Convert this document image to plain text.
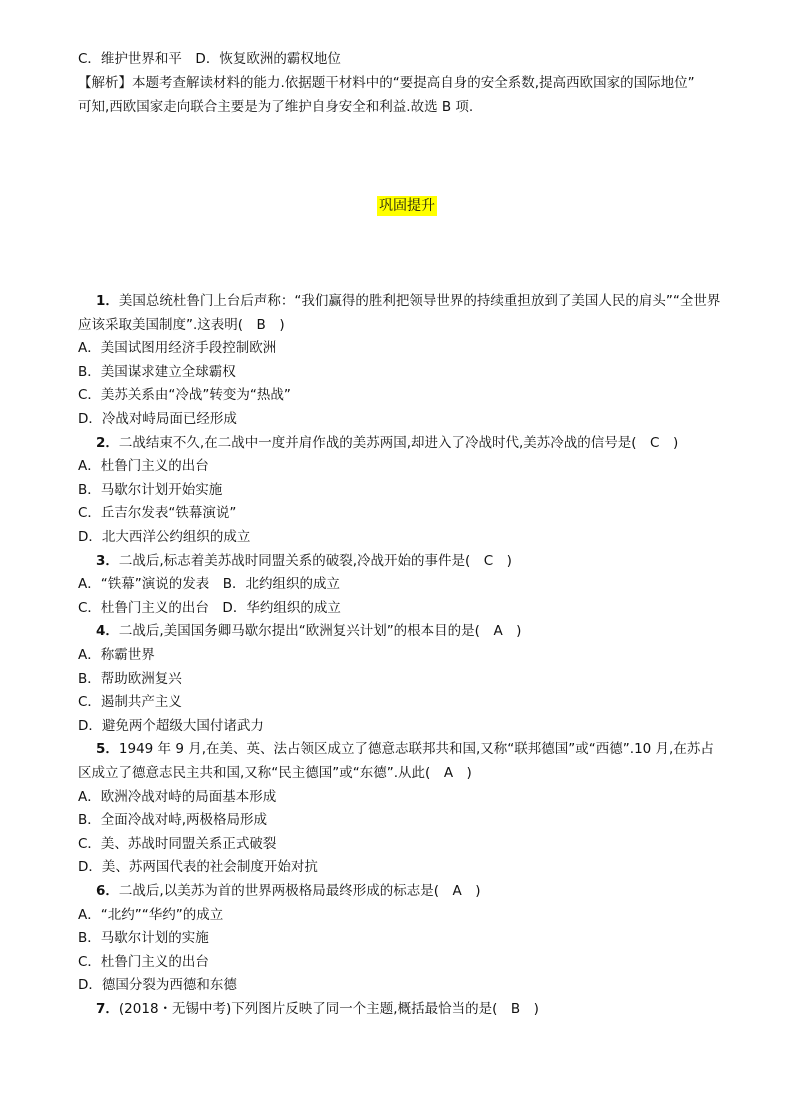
C．维护世界和平　D．恢复欧洲的霸权地位
【解析】本题考查解读材料的能力.依据题干材料中的“要提高自身的安全系数,提高西欧国家的国际地位”
可知,西欧国家走向联合主要是为了维护自身安全和利益.故选 B 项.
巩固提升
1．美国总统杜鲁门上台后声称：“我们赢得的胜利把领导世界的持续重担放到了美国人民的肩头”“全世界
应该采取美国制度”.这表明(　B　)
A．美国试图用经济手段控制欧洲
B．美国谋求建立全球霸权
C．美苏关系由“冷战”转变为“热战”
D．冷战对峙局面已经形成
2．二战结束不久,在二战中一度并肩作战的美苏两国,却进入了冷战时代,美苏冷战的信号是(　C　)
A．杜鲁门主义的出台
B．马歇尔计划开始实施
C．丘吉尔发表“铁幕演说”
D．北大西洋公约组织的成立
3．二战后,标志着美苏战时同盟关系的破裂,冷战开始的事件是(　C　)
A．“铁幕”演说的发表　B．北约组织的成立
C．杜鲁门主义的出台　D．华约组织的成立
4．二战后,美国国务卿马歇尔提出“欧洲复兴计划”的根本目的是(　A　)
A．称霸世界
B．帮助欧洲复兴
C．遏制共产主义
D．避免两个超级大国付诸武力
5．1949 年 9 月,在美、英、法占领区成立了德意志联邦共和国,又称“联邦德国”或“西德”.10 月,在苏占
区成立了德意志民主共和国,又称“民主德国”或“东德”.从此(　A　)
A．欧洲冷战对峙的局面基本形成
B．全面冷战对峙,两极格局形成
C．美、苏战时同盟关系正式破裂
D．美、苏两国代表的社会制度开始对抗
6．二战后,以美苏为首的世界两极格局最终形成的标志是(　A　)
A．“北约”“华约”的成立
B．马歇尔计划的实施
C．杜鲁门主义的出台
D．德国分裂为西德和东德
7．(2018・无锡中考)下列图片反映了同一个主题,概括最恰当的是(　B　)
